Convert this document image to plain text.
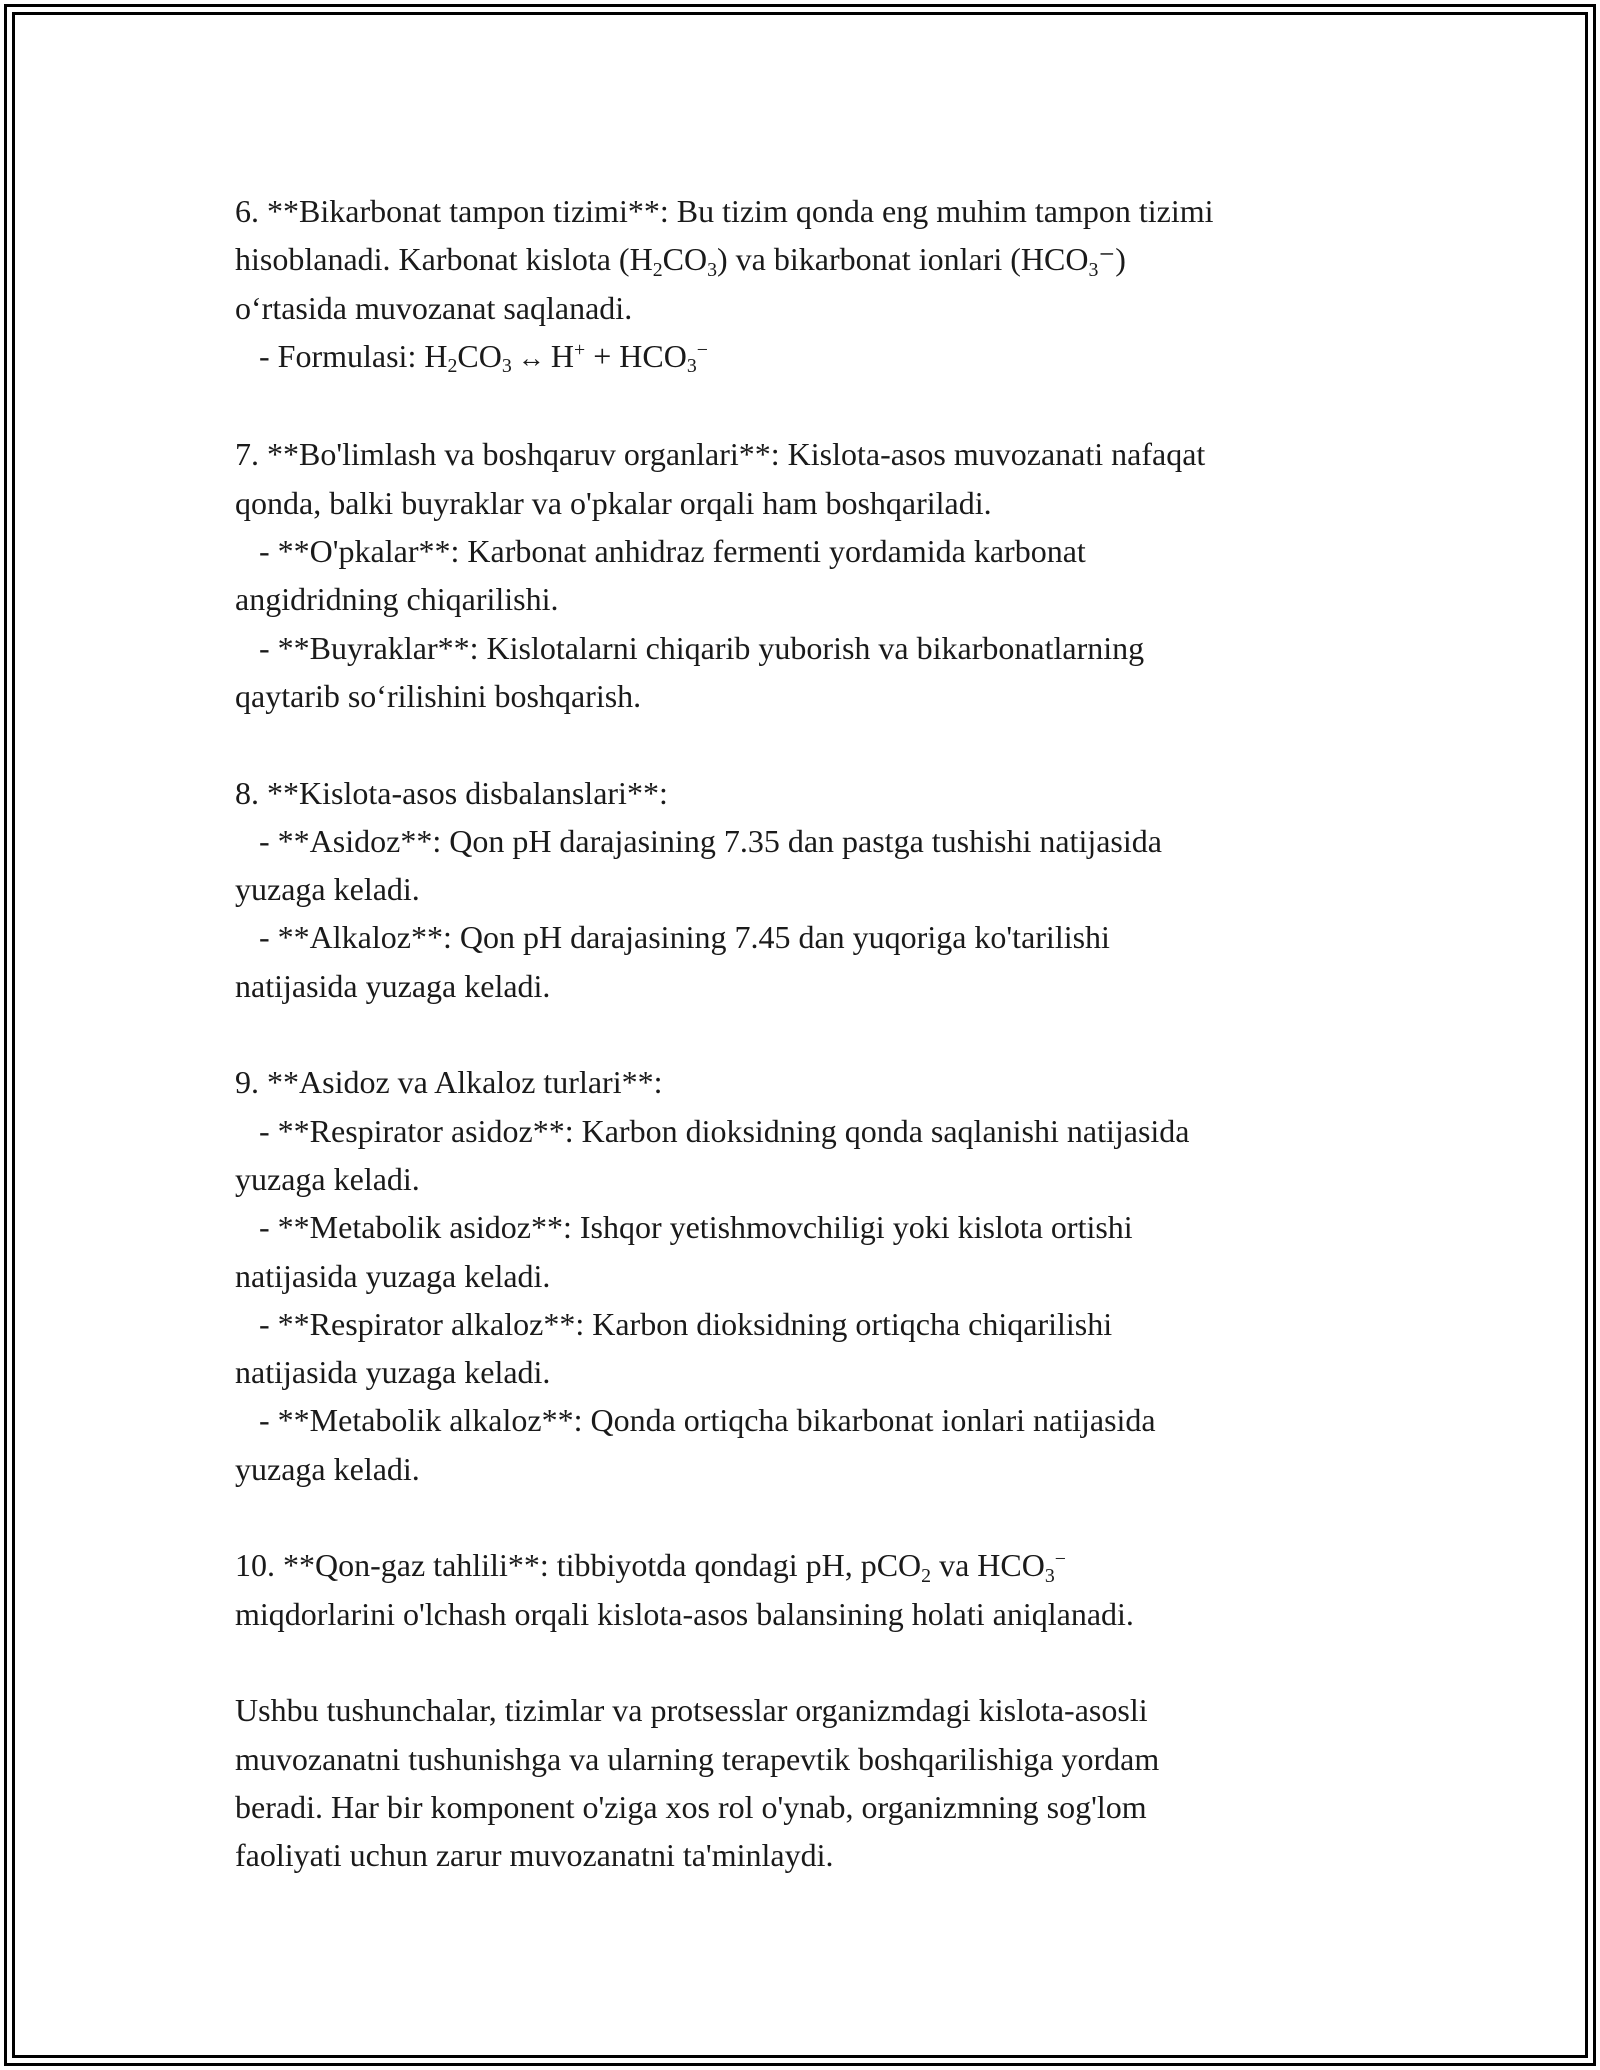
6. **Bikarbonat tampon tizimi**: Bu tizim qonda eng muhim tampon tizimi
hisoblanadi. Karbonat kislota $(H_2CO_3)$ va bikarbonat ionlari $(HCO_3^-)$
o‘rtasida muvozanat saqlanadi.
- Formulasi: $H_2CO_3$ ↔ $H^+ + HCO_3^-$
7. **Bo'limlash va boshqaruv organlari**: Kislota-asos muvozanati nafaqat
qonda, balki buyraklar va o'pkalar orqali ham boshqariladi.
- **O'pkalar**: Karbonat anhidraz fermenti yordamida karbonat
angidridning chiqarilishi.
- **Buyraklar**: Kislotalarni chiqarib yuborish va bikarbonatlarning
qaytarib so‘rilishini boshqarish.
8. **Kislota-asos disbalanslari**:
- **Asidoz**: Qon pH darajasining 7.35 dan pastga tushishi natijasida
yuzaga keladi.
- **Alkaloz**: Qon pH darajasining 7.45 dan yuqoriga ko'tarilishi
natijasida yuzaga keladi.
9. **Asidoz va Alkaloz turlari**:
- **Respirator asidoz**: Karbon dioksidning qonda saqlanishi natijasida
yuzaga keladi.
- **Metabolik asidoz**: Ishqor yetishmovchiligi yoki kislota ortishi
natijasida yuzaga keladi.
- **Respirator alkaloz**: Karbon dioksidning ortiqcha chiqarilishi
natijasida yuzaga keladi.
- **Metabolik alkaloz**: Qonda ortiqcha bikarbonat ionlari natijasida
yuzaga keladi.
10. **Qon-gaz tahlili**: tibbiyotda qondagi pH, pCO$_2$ va $HCO_3^-$
miqdorlarini o'lchash orqali kislota-asos balansining holati aniqlanadi.
Ushbu tushunchalar, tizimlar va protsesslar organizmdagi kislota-asosli
muvozanatni tushunishga va ularning terapevtik boshqarilishiga yordam
beradi. Har bir komponent o'ziga xos rol o'ynab, organizmning sog'lom
faoliyati uchun zarur muvozanatni ta'minlaydi.
